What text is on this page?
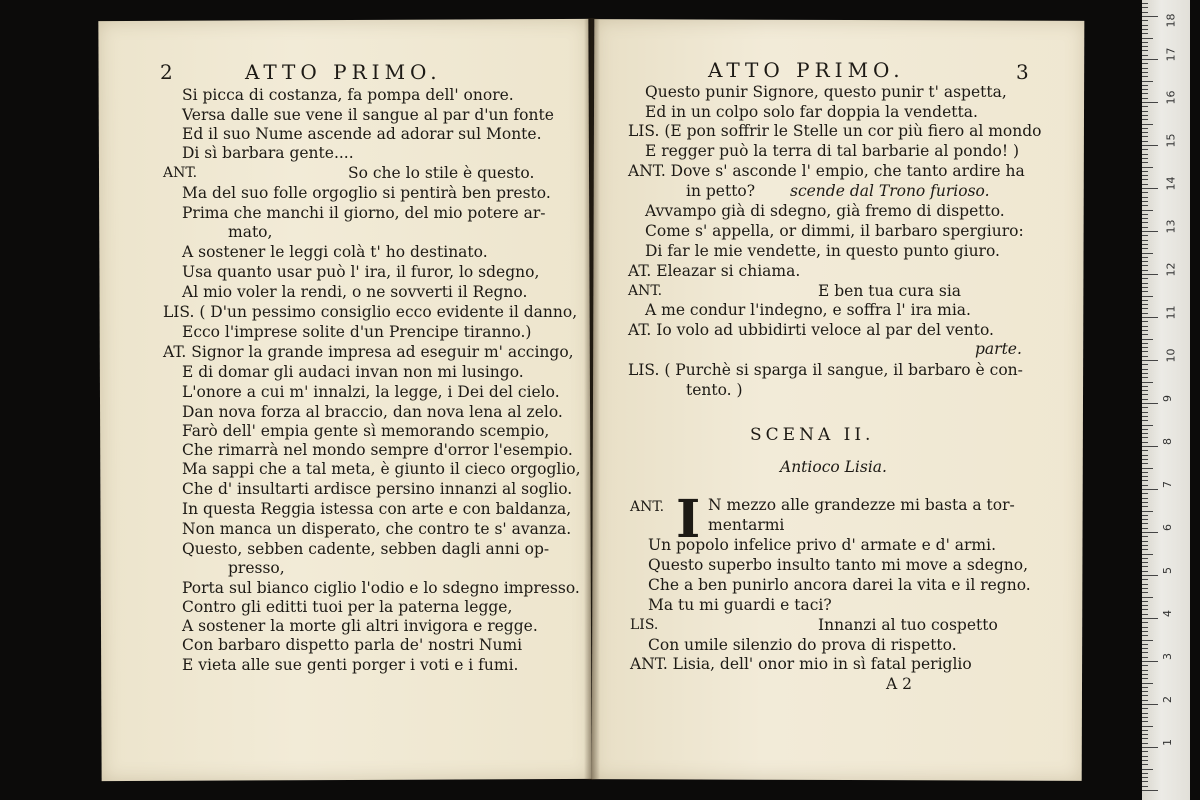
2	ATTO PRIMO.
Si picca di costanza, fa pompa dell' onore.
Versa dalle sue vene il sangue al par d'un fonte
Ed il suo Nume ascende ad adorar sul Monte.
Di sì barbara gente....
ANT.	So che lo stile è questo.
Ma del suo folle orgoglio si pentirà ben presto.
Prima che manchi il giorno, del mio potere ar-
mato,
A sostener le leggi colà t' ho destinato.
Usa quanto usar può l' ira, il furor, lo sdegno,
Al mio voler la rendi, o ne sovverti il Regno.
LIS. ( D'un pessimo consiglio ecco evidente il danno,
Ecco l'imprese solite d'un Prencipe tiranno.)
AT. Signor la grande impresa ad eseguir m' accingo,
E di domar gli audaci invan non mi lusingo.
L'onore a cui m' innalzi, la legge, i Dei del cielo.
Dan nova forza al braccio, dan nova lena al zelo.
Farò dell' empia gente sì memorando scempio,
Che rimarrà nel mondo sempre d'orror l'esempio.
Ma sappi che a tal meta, è giunto il cieco orgoglio,
Che d' insultarti ardisce persino innanzi al soglio.
In questa Reggia istessa con arte e con baldanza,
Non manca un disperato, che contro te s' avanza.
Questo, sebben cadente, sebben dagli anni op-
presso,
Porta sul bianco ciglio l'odio e lo sdegno impresso.
Contro gli editti tuoi per la paterna legge,
A sostener la morte gli altri invigora e regge.
Con barbaro dispetto parla de' nostri Numi
E vieta alle sue genti porger i voti e i fumi.
ATTO PRIMO.	3
Questo punir Signore, questo punir t' aspetta,
Ed in un colpo solo far doppia la vendetta.
LIS. (E pon soffrir le Stelle un cor più fiero al mondo
E regger può la terra di tal barbarie al pondo! )
ANT. Dove s' asconde l' empio, che tanto ardire ha
in petto? scende dal Trono furioso.
Avvampo già di sdegno, già fremo di dispetto.
Come s' appella, or dimmi, il barbaro spergiuro:
Di far le mie vendette, in questo punto giuro.
AT. Eleazar si chiama.
ANT.	E ben tua cura sia
A me condur l'indegno, e soffra l' ira mia.
AT. Io volo ad ubbidirti veloce al par del vento.
parte.
LIS. ( Purchè si sparga il sangue, il barbaro è con-
tento. )
SCENA II.
Antioco Lisia.
ANT. I N mezzo alle grandezze mi basta a tor-
mentarmi
Un popolo infelice privo d' armate e d' armi.
Questo superbo insulto tanto mi move a sdegno,
Che a ben punirlo ancora darei la vita e il regno.
Ma tu mi guardi e taci?
LIS.	Innanzi al tuo cospetto
Con umile silenzio do prova di rispetto.
ANT. Lisia, dell' onor mio in sì fatal periglio
A 2
1
2
3
4
5
6
7
8
9
10
11
12
13
14
15
16
17
18
